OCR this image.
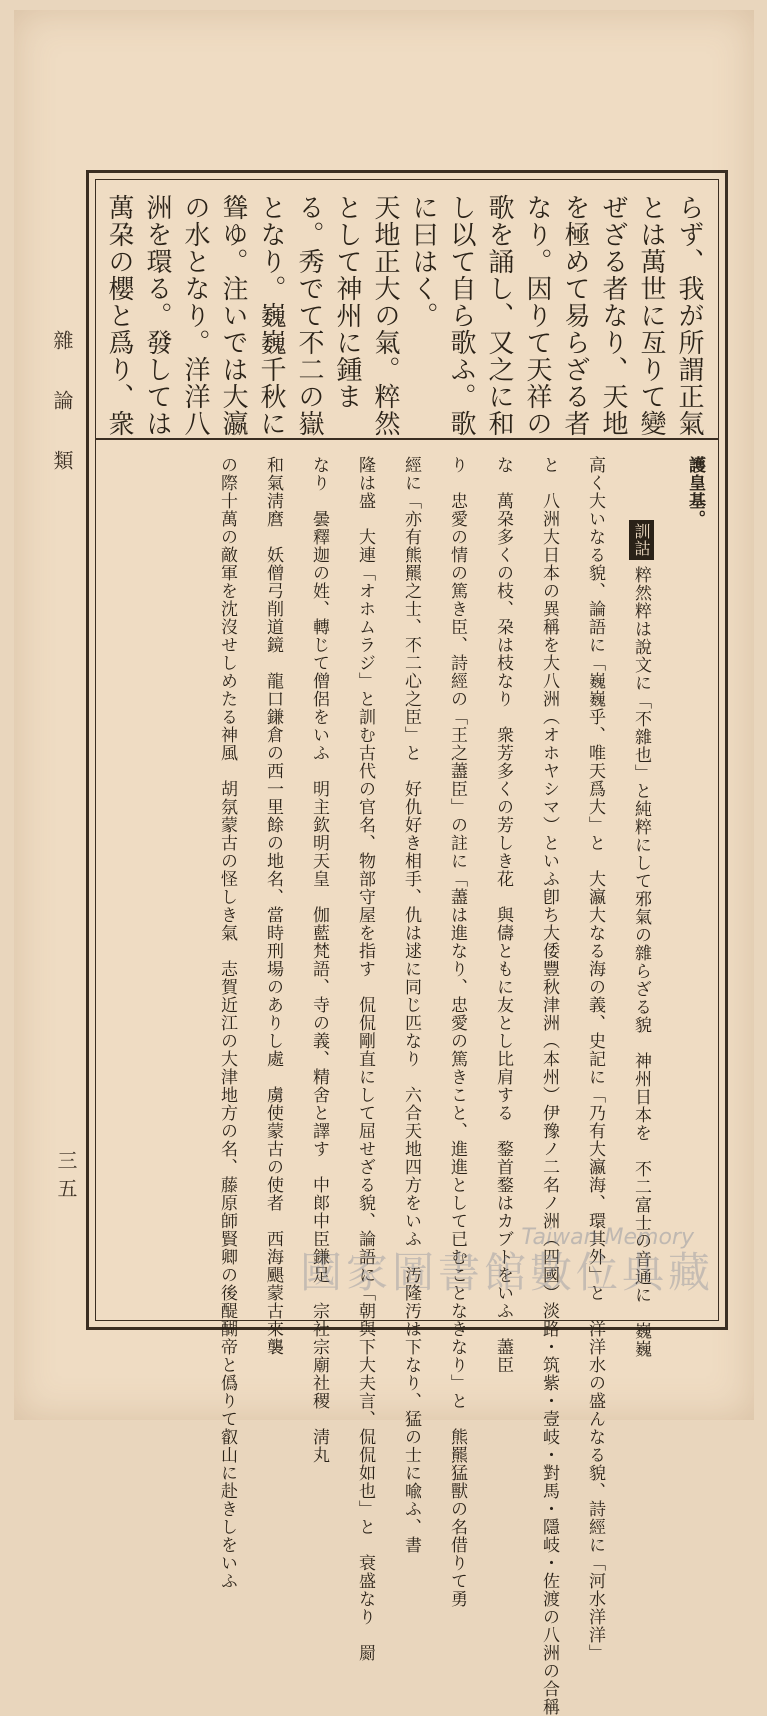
雜 論 類
三五
らず、我が所謂正氣
とは萬世に亙りて變
ぜざる者なり、天地
を極めて易らざる者
なり。因りて天祥の
歌を誦し、又之に和
し以て自ら歌ふ。歌
に曰はく。
天地正大の氣。粹然
として神州に鍾ま
る。秀でて不二の嶽
となり。巍巍千秋に
聳ゆ。注いでは大瀛
の水となり。洋洋八
洲を環る。發しては
萬朶の櫻と爲り、衆
護皇基。
訓詁粹然粹は說文に「不雜也」と純粹にして邪氣の雜らざる貌　神州日本を　不二富士の音通に　巍巍
高く大いなる貌、論語に「巍巍乎、唯天爲大」と　大瀛大なる海の義、史記に「乃有大瀛海、環其外」と　洋洋水の盛んなる貌、詩經に「河水洋洋」
と　八洲大日本の異稱を大八洲（オホヤシマ）といふ卽ち大倭豐秋津洲（本州）伊豫ノ二名ノ洲（四國）淡路・筑紫・壹岐・對馬・隱岐・佐渡の八洲の合稱
な　萬朶多くの枝、朶は枝なり　衆芳多くの芳しき花　與儔ともに友とし比肩する　鍪首鍪はカブトをいふ　藎臣
り　忠愛の情の篤き臣、詩經の「王之藎臣」の註に「藎は進なり、忠愛の篤きこと、進進として已むことなきなり」と　熊羆猛獸の名借りて勇
經に「亦有熊羆之士、不二心之臣」と　好仇好き相手、仇は逑に同じ匹なり　六合天地四方をいふ　汚隆汚は下なり、猛の士に喩ふ、書
隆は盛　大連「オホムラジ」と訓む古代の官名、物部守屋を指す　侃侃剛直にして屈せざる貌、論語に「朝與下大夫言、侃侃如也」と　衰盛なり　罽
なり　曇釋迦の姓、轉じて僧侶をいふ　明主欽明天皇　伽藍梵語、寺の義、精舍と譯す　中郞中臣鎌足　宗社宗廟社稷　淸丸
和氣淸麿　妖僧弓削道鏡　龍口鎌倉の西一里餘の地名、當時刑場のありし處　虜使蒙古の使者　西海颶蒙古來襲
の際十萬の敵軍を沈沒せしめたる神風　胡氛蒙古の怪しき氣　志賀近江の大津地方の名、藤原師賢卿の後醍醐帝と僞りて叡山に赴きしをいふ	Taiwan Memory
國家圖書館數位典藏
